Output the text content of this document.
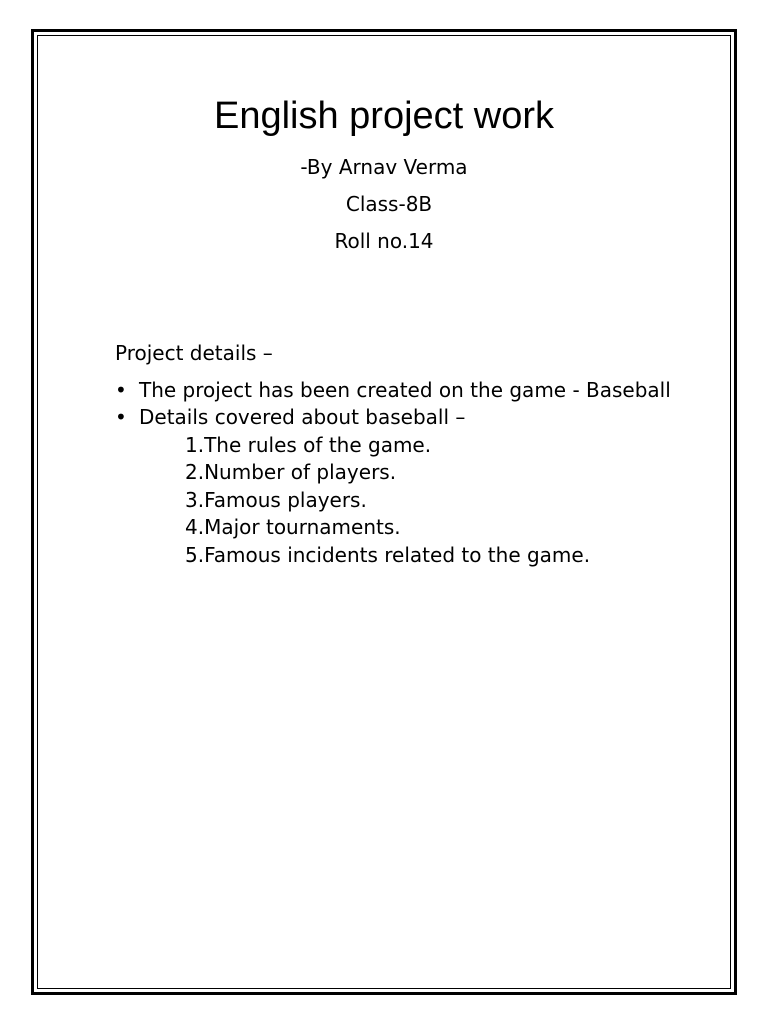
English project work
-By Arnav Verma
Class-8B
Roll no.14
Project details –
• The project has been created on the game - Baseball
• Details covered about baseball –
1.The rules of the game.
2.Number of players.
3.Famous players.
4.Major tournaments.
5.Famous incidents related to the game.
